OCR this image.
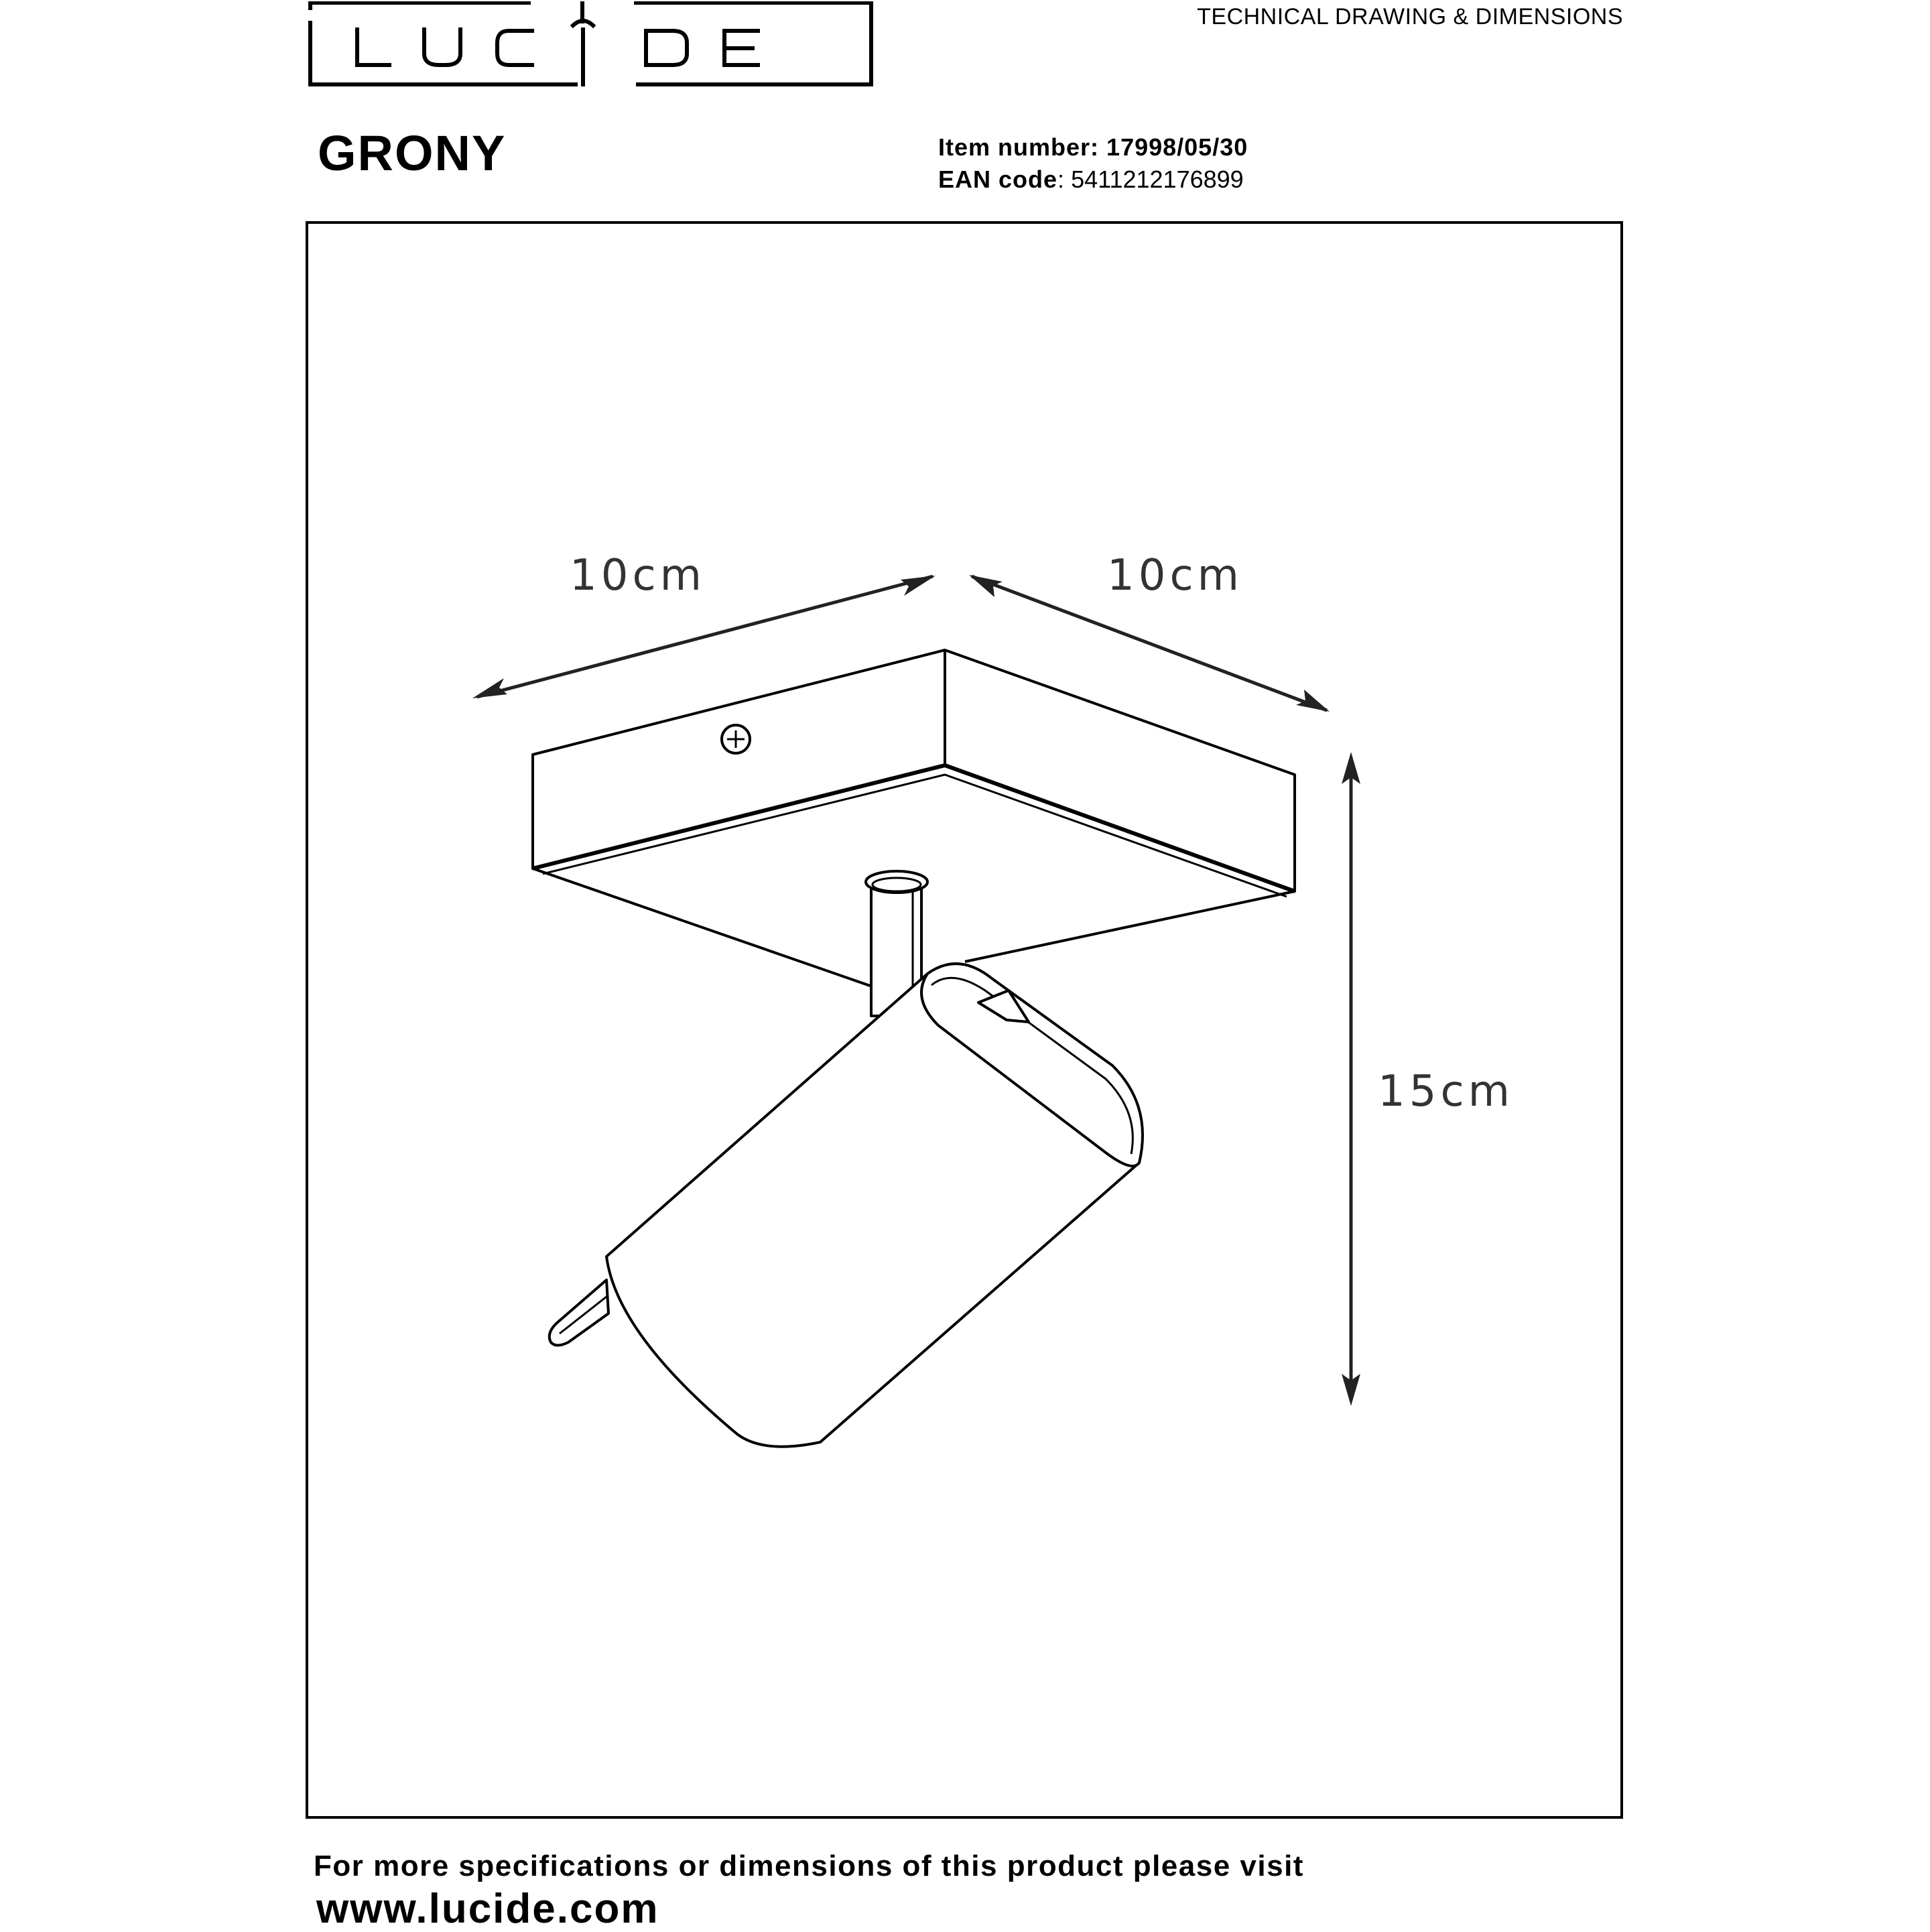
TECHNICAL DRAWING & DIMENSIONS
GRONY	Item number: 17998/05/30
EAN code: 5411212176899
10cm	10cm
15cm
For more specifications or dimensions of this product please visit
www.lucide.com
